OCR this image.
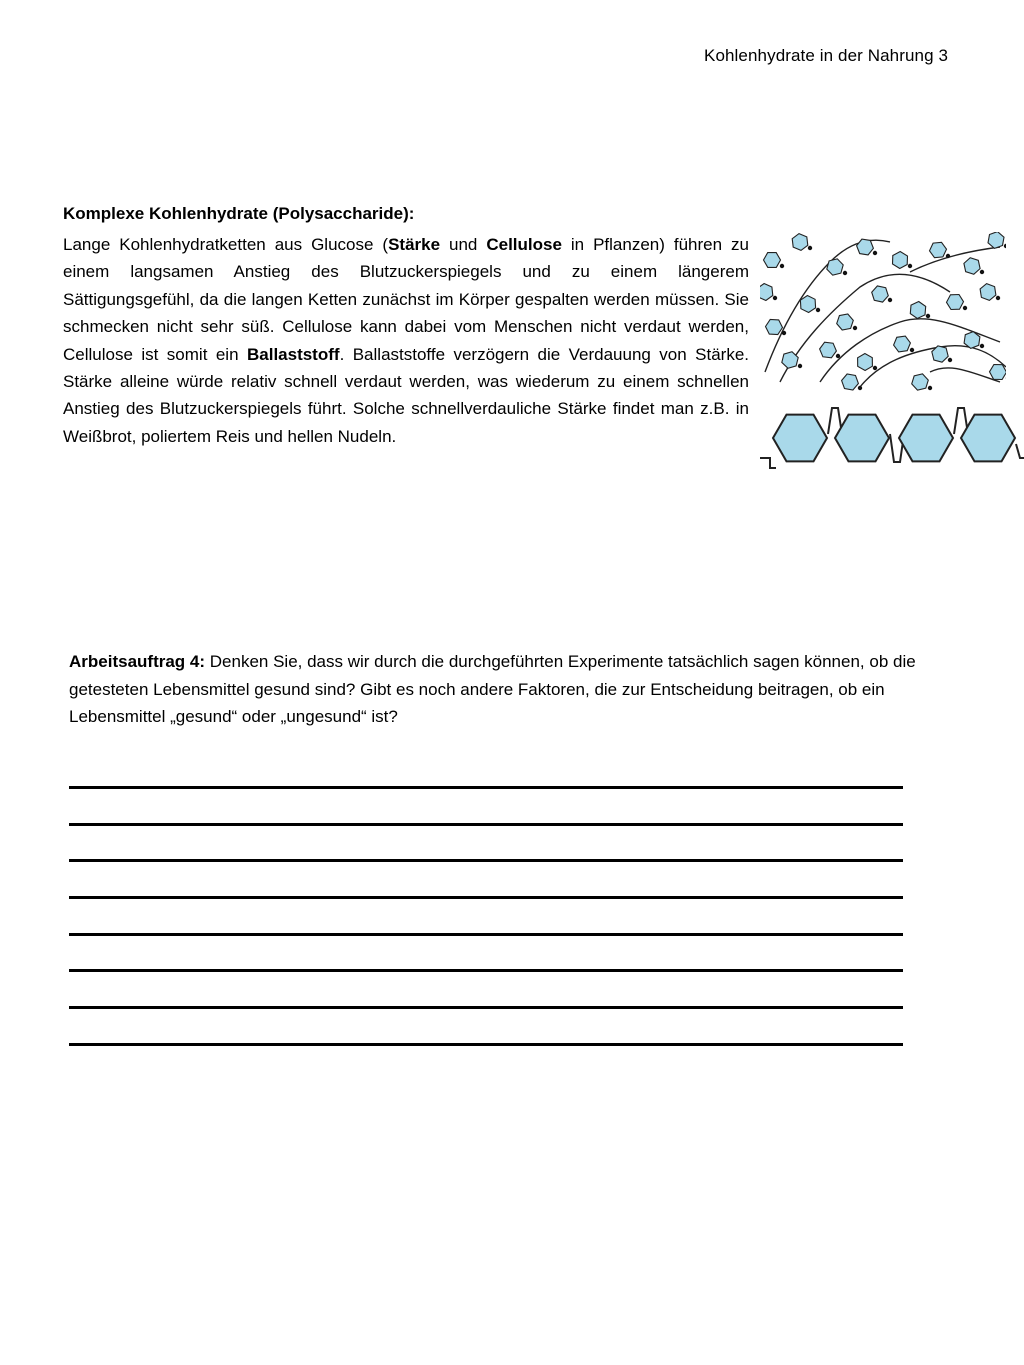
Kohlenhydrate in der Nahrung 3
Komplexe Kohlenhydrate (Polysaccharide):
Lange Kohlenhydratketten aus Glucose (Stärke und Cellulose in Pflanzen) führen zu einem langsamen Anstieg des Blutzuckerspiegels und zu einem längerem Sättigungsgefühl, da die langen Ketten zunächst im Körper gespalten werden müssen. Sie schmecken nicht sehr süß. Cellulose kann dabei vom Menschen nicht verdaut werden, Cellulose ist somit ein Ballaststoff. Ballaststoffe verzögern die Verdauung von Stärke. Stärke alleine würde relativ schnell verdaut werden, was wiederum zu einem schnellen Anstieg des Blutzuckerspiegels führt. Solche schnellverdauliche Stärke findet man z.B. in Weißbrot, poliertem Reis und hellen Nudeln.
Arbeitsauftrag 4: Denken Sie, dass wir durch die durchgeführten Experimente tatsächlich sagen können, ob die getesteten Lebensmittel gesund sind? Gibt es noch andere Faktoren, die zur Entscheidung beitragen, ob ein Lebensmittel „gesund“ oder „ungesund“ ist?
